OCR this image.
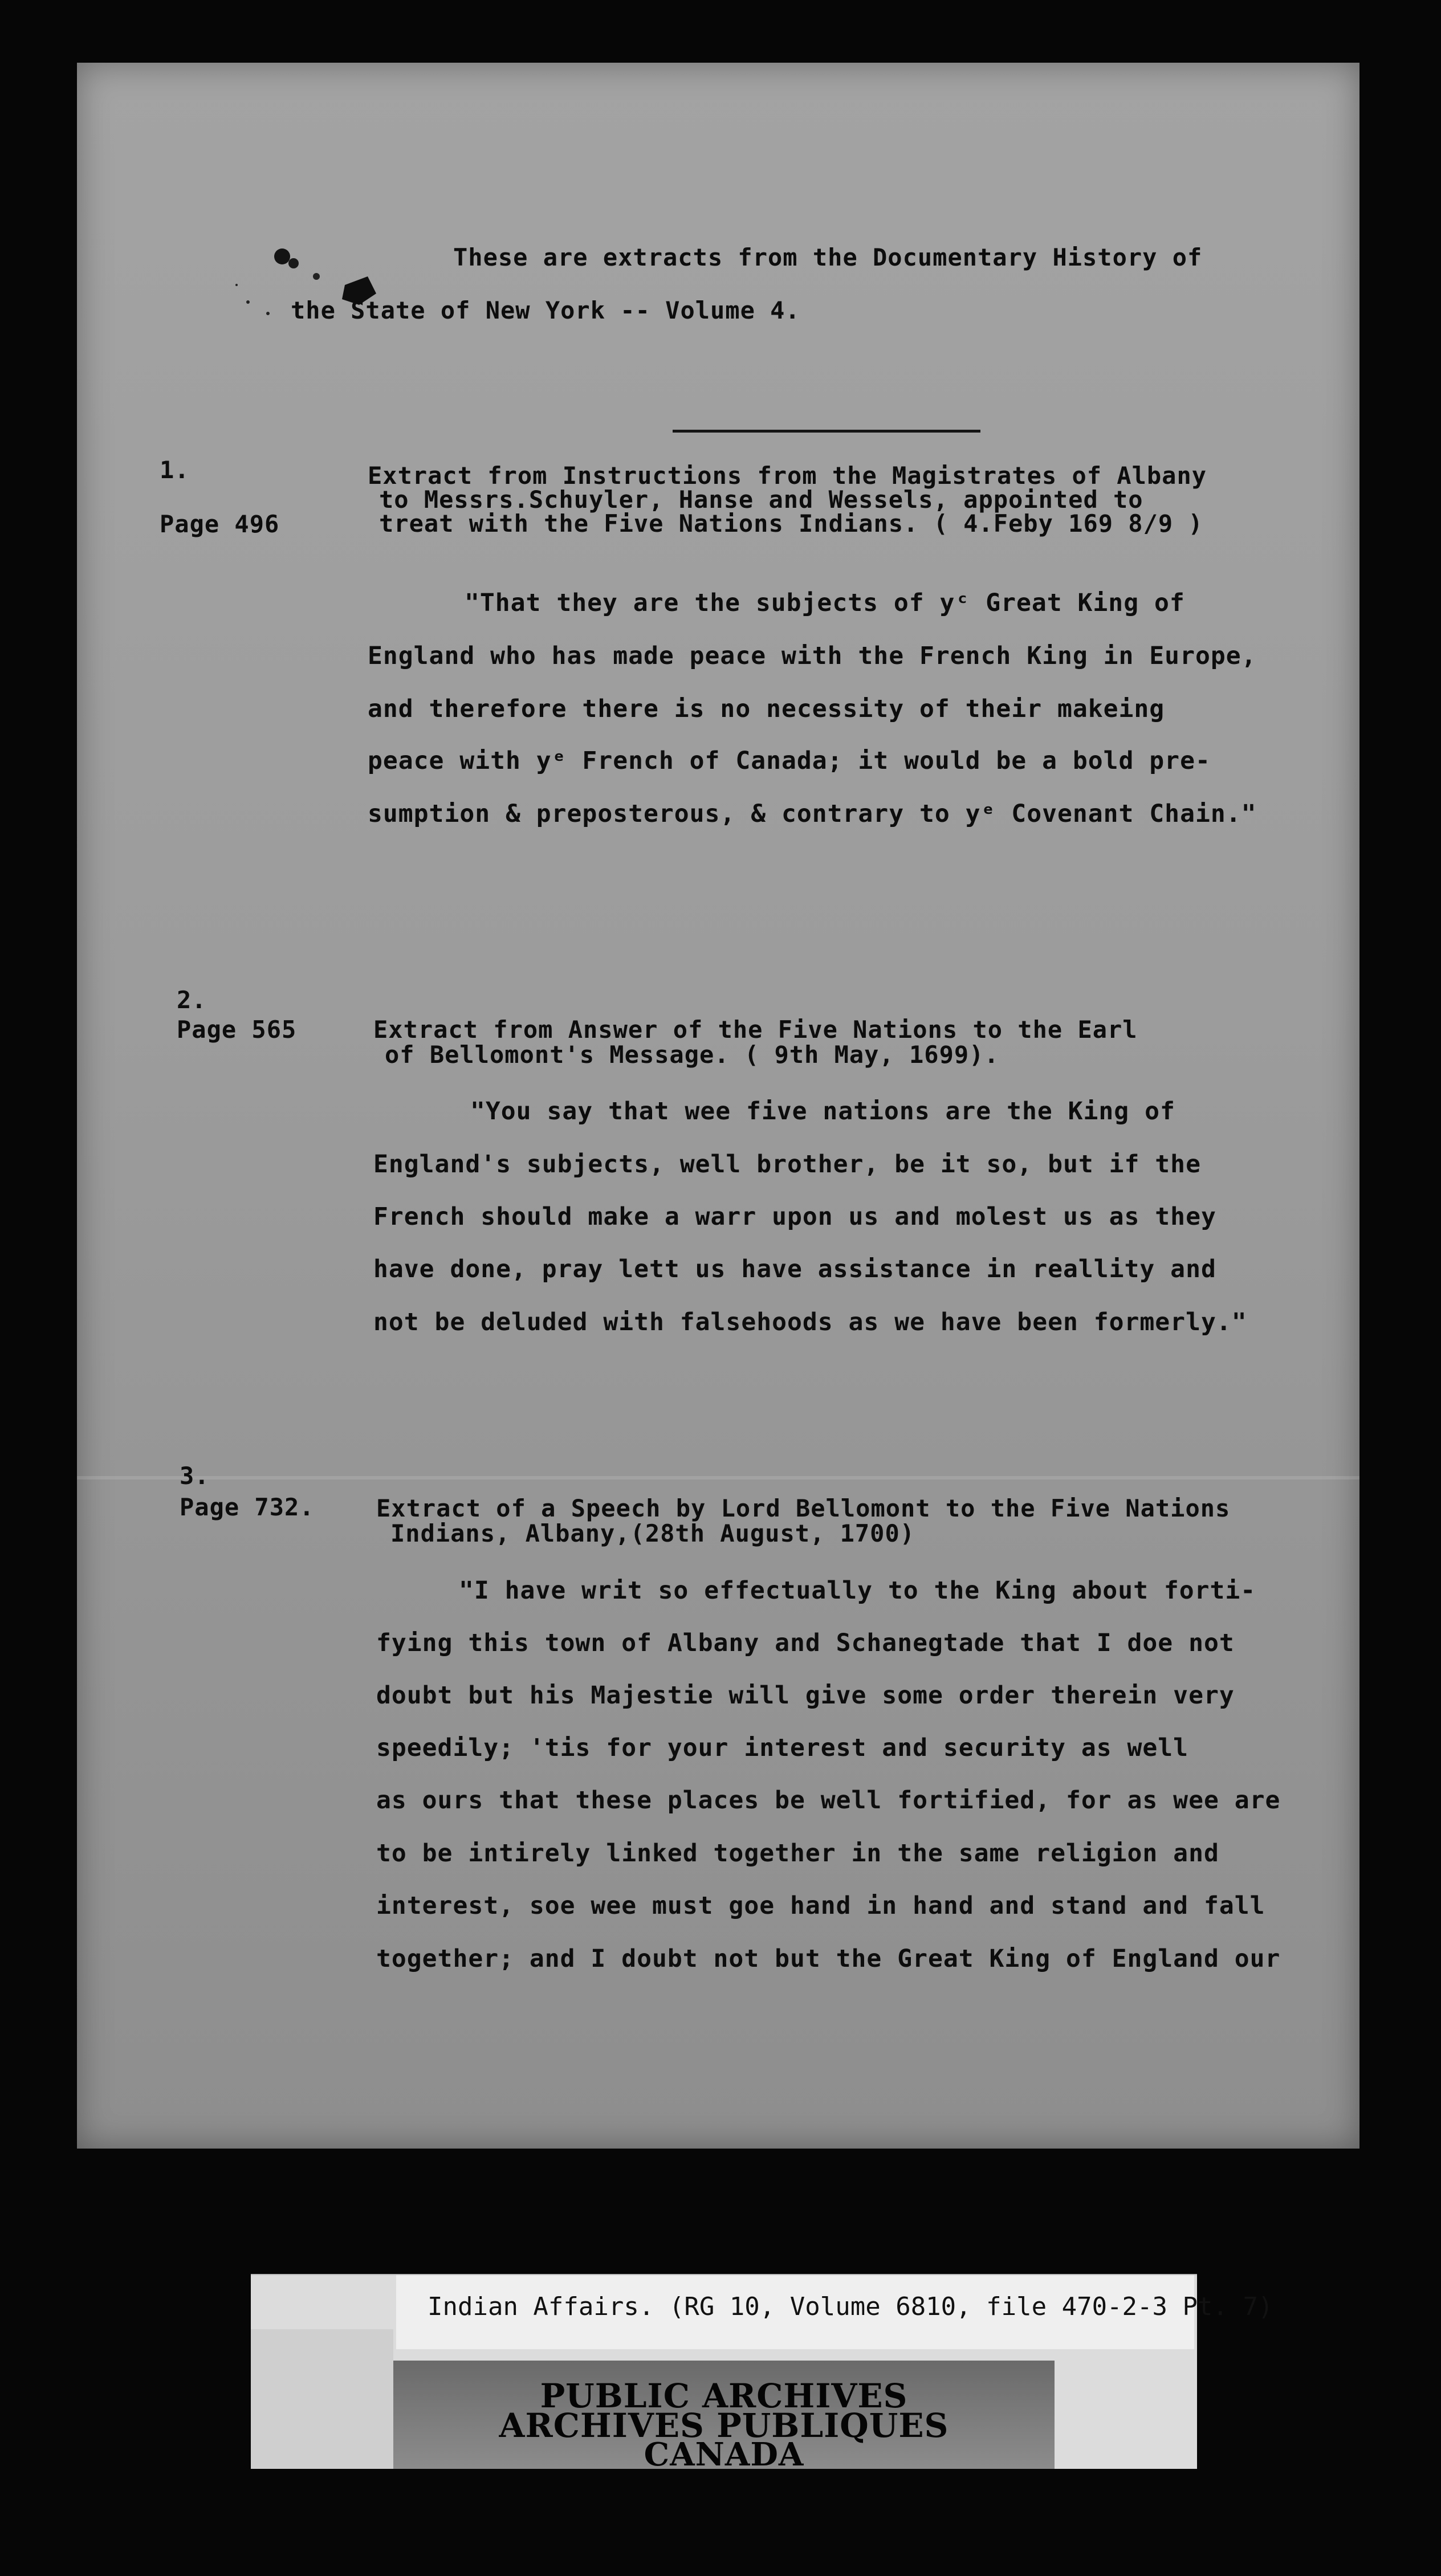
These are extracts from the Documentary History of
the State of New York -- Volume 4.
1.
Page 496
Extract from Instructions from the Magistrates of Albany
to Messrs.Schuyler, Hanse and Wessels, appointed to
treat with the Five Nations Indians. ( 4.Feby 169 8/9 )
"That they are the subjects of yᶜ Great King of
England who has made peace with the French King in Europe,
and therefore there is no necessity of their makeing
peace with yᵉ French of Canada; it would be a bold pre-
sumption & preposterous, & contrary to yᵉ Covenant Chain."
2.
Page 565	Extract from Answer of the Five Nations to the Earl
of Bellomont's Message. ( 9th May, 1699).
"You say that wee five nations are the King of
England's subjects, well brother, be it so, but if the
French should make a warr upon us and molest us as they
have done, pray lett us have assistance in reallity and
not be deluded with falsehoods as we have been formerly."
3.
Page 732.	Extract of a Speech by Lord Bellomont to the Five Nations
Indians, Albany,(28th August, 1700)
"I have writ so effectually to the King about forti-
fying this town of Albany and Schanegtade that I doe not
doubt but his Majestie will give some order therein very
speedily; 'tis for your interest and security as well
as ours that these places be well fortified, for as wee are
to be intirely linked together in the same religion and
interest, soe wee must goe hand in hand and stand and fall
together; and I doubt not but the Great King of England our
Indian Affairs. (RG 10, Volume 6810, file 470-2-3 Pt. 7)
PUBLIC ARCHIVES
ARCHIVES PUBLIQUES
CANADA
